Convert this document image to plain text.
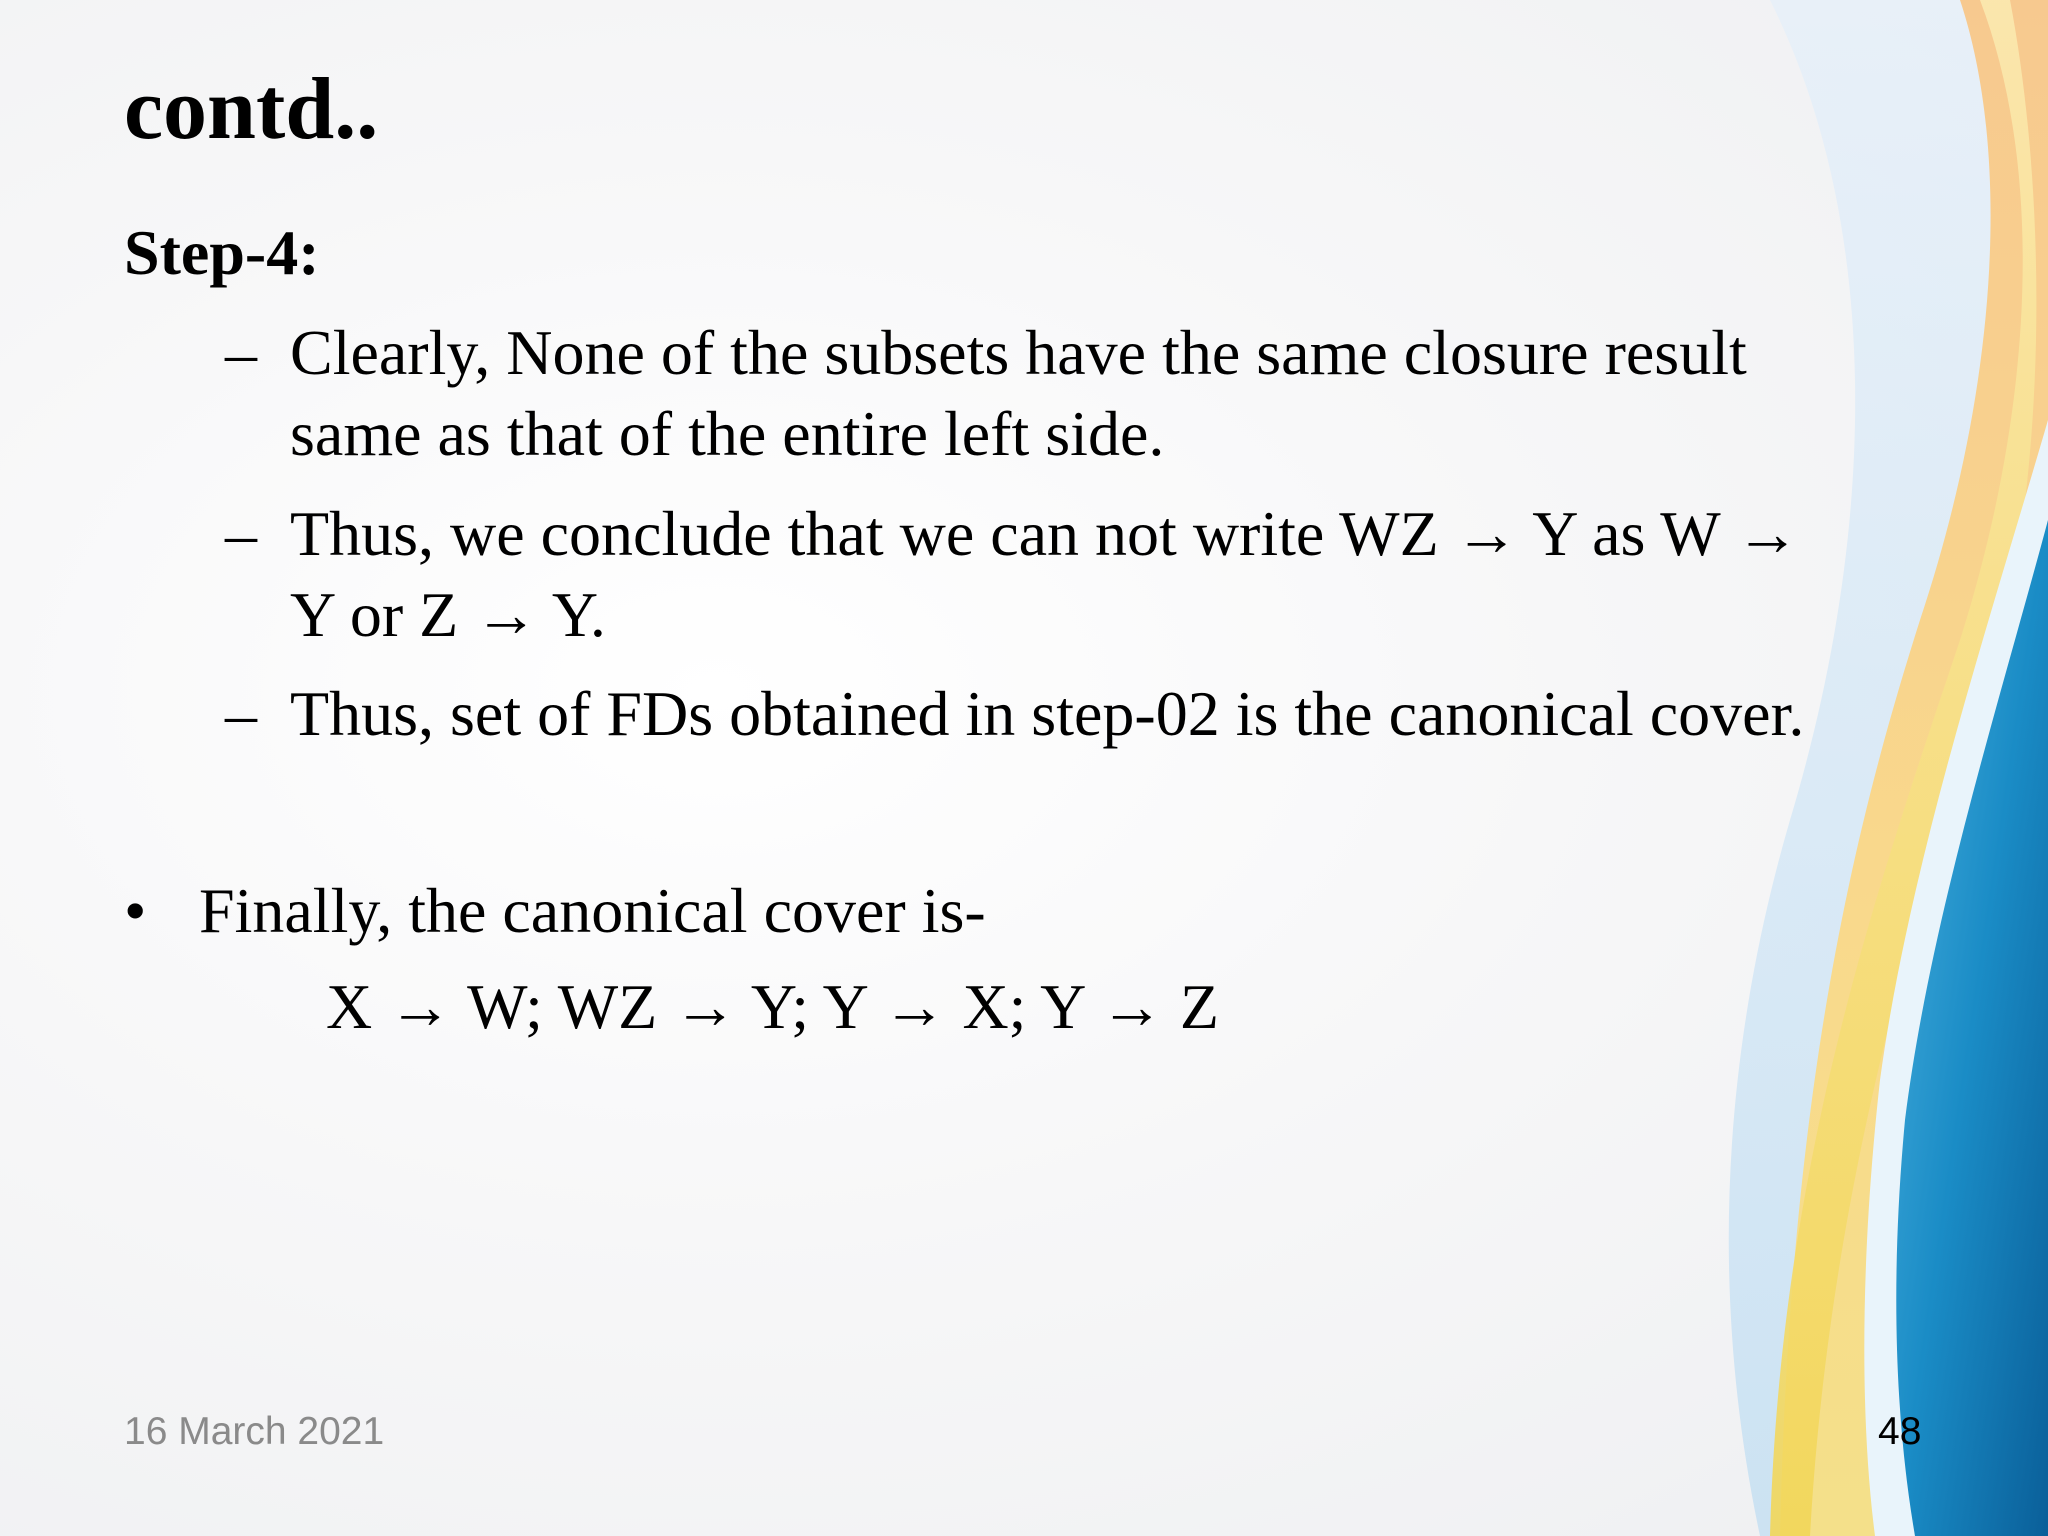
contd..
Step-4:
– Clearly, None of the subsets have the same closure result
same as that of the entire left side.
– Thus, we conclude that we can not write WZ → Y as W →
Y or Z → Y.
– Thus, set of FDs obtained in step-02 is the canonical cover.
• Finally, the canonical cover is-
X → W; WZ → Y; Y → X; Y → Z
16 March 2021	48
